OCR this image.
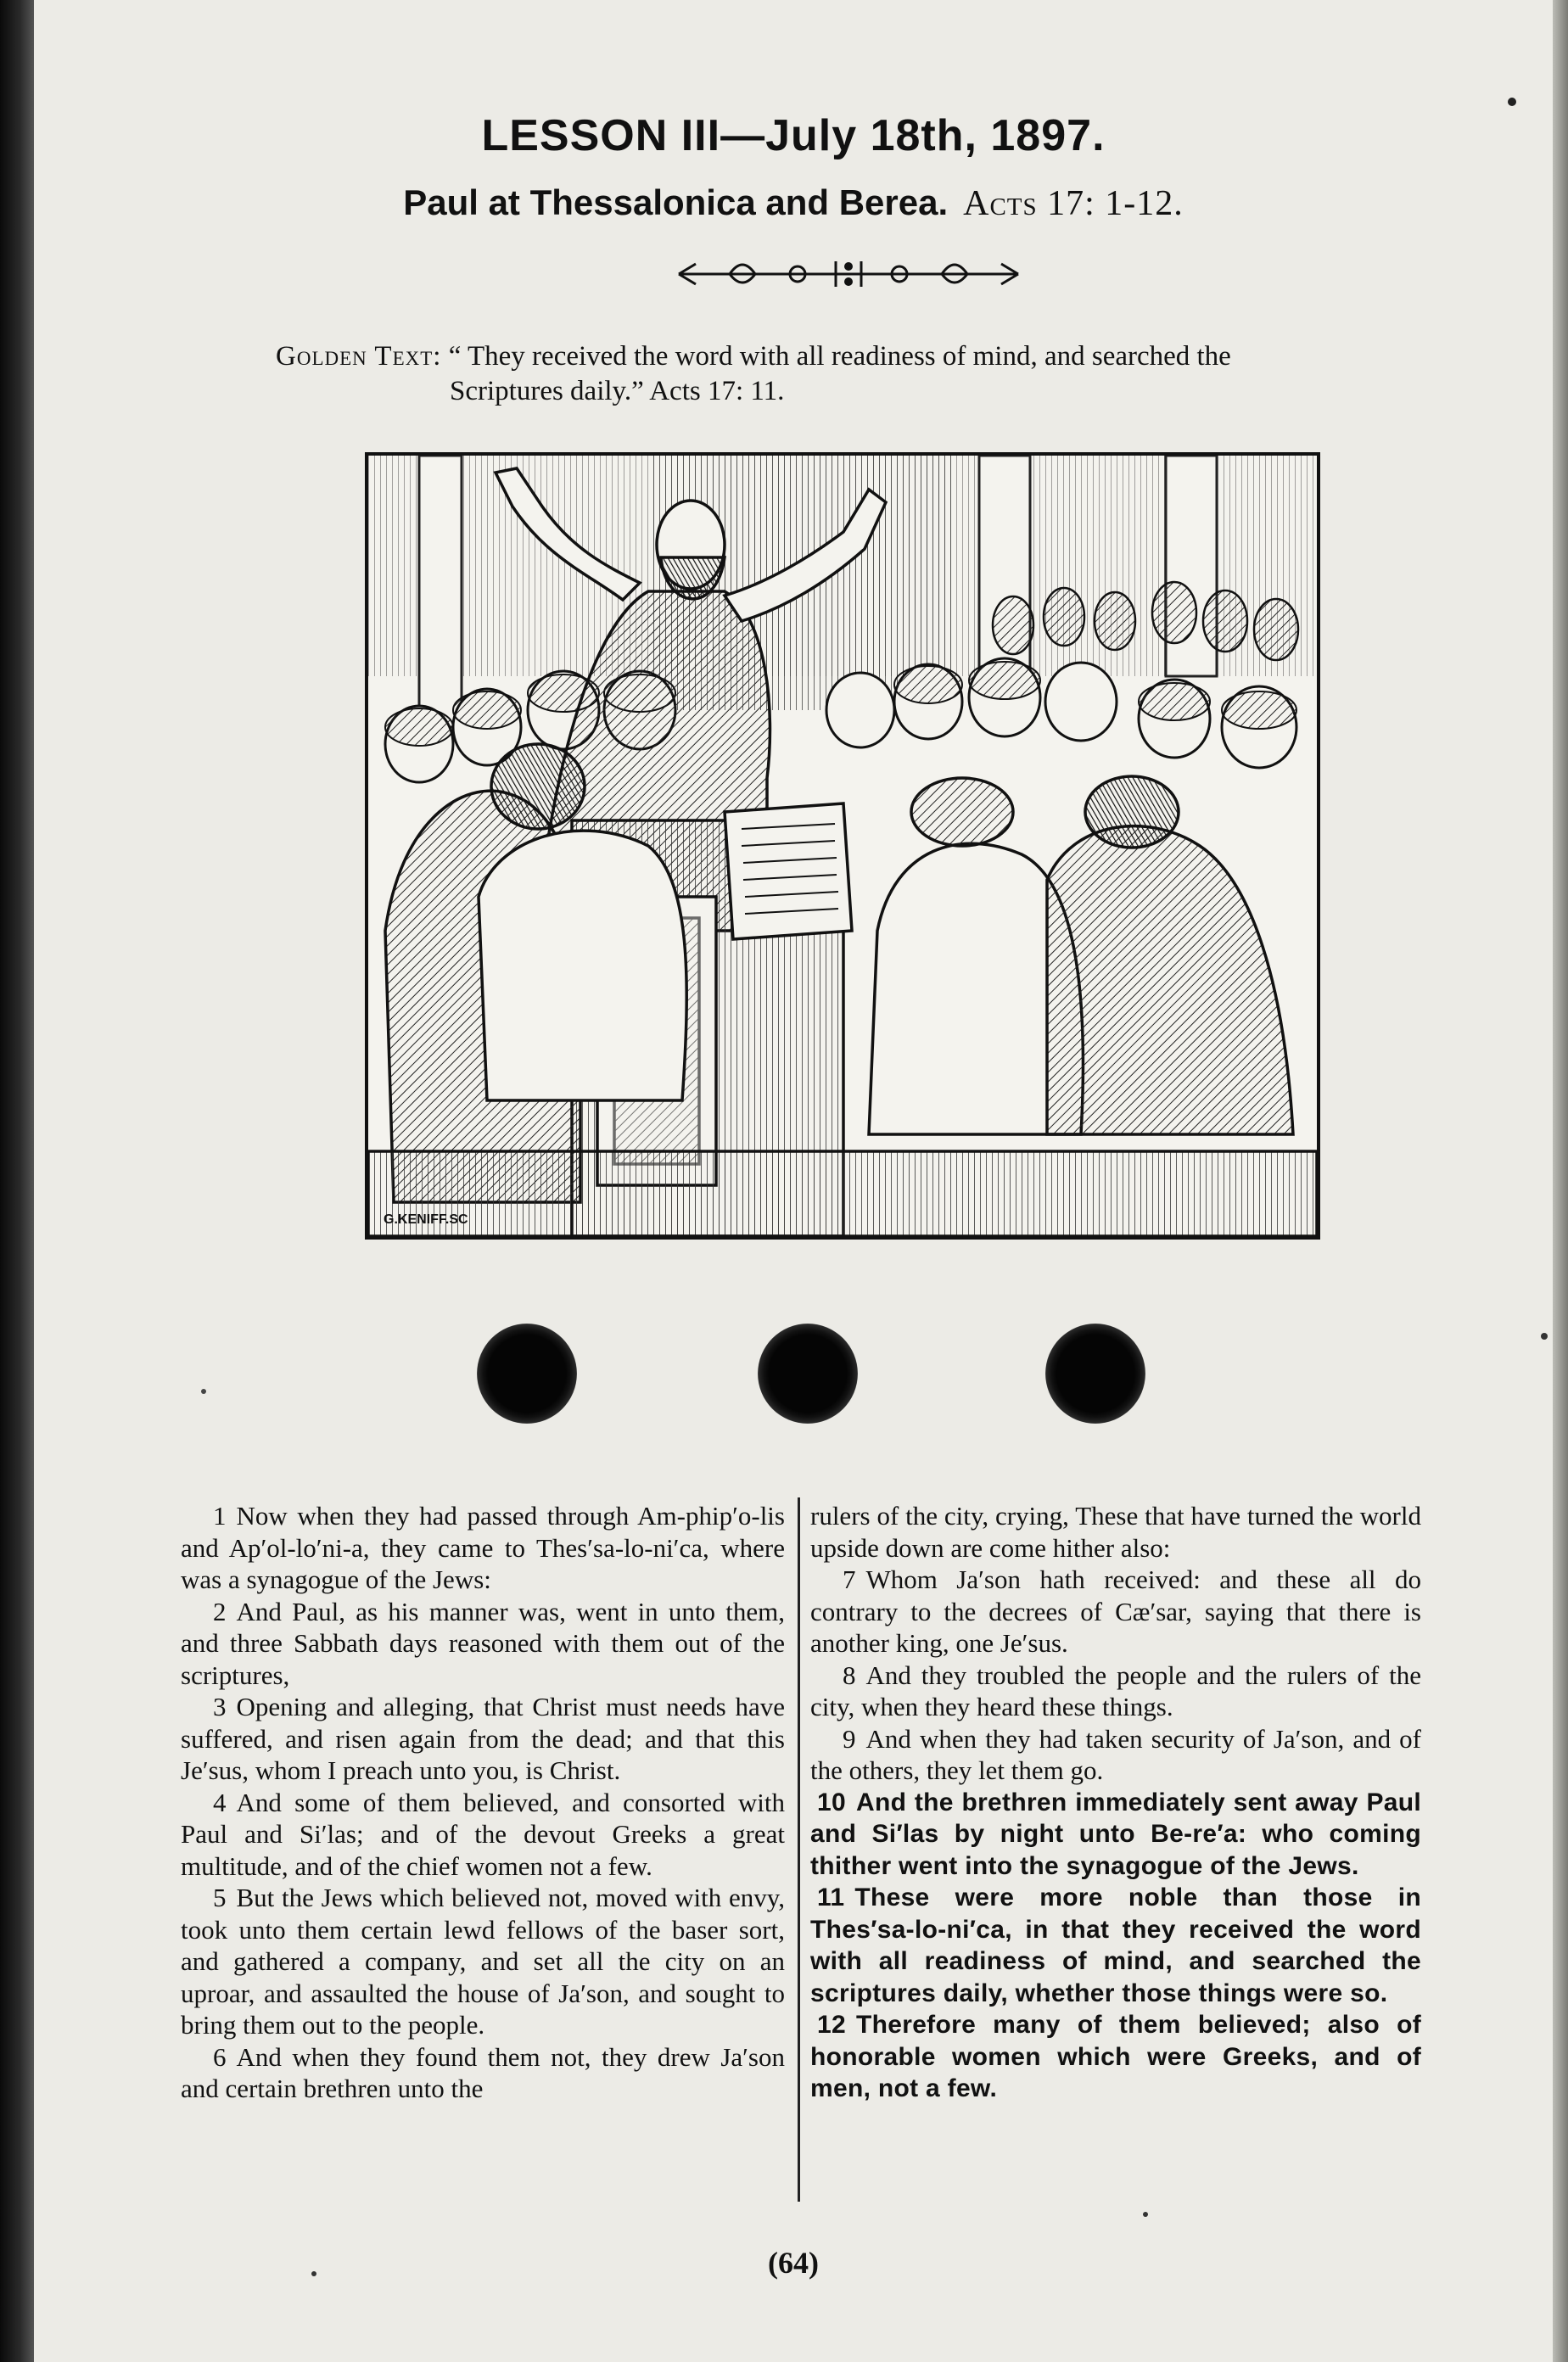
LESSON III—July 18th, 1897.
Paul at Thessalonica and Berea. Acts 17: 1-12.
Golden Text: “ They received the word with all readiness of mind, and searched the
Scriptures daily.” Acts 17: 11.
G.KENIFF.SC

1 Now when they had passed through Am-phip′o-lis and Ap′ol-lo′ni-a, they came to Thes′sa-lo-ni′ca, where was a synagogue of the Jews:

2 And Paul, as his manner was, went in unto them, and three Sabbath days reasoned with them out of the scriptures,

3 Opening and alleging, that Christ must needs have suffered, and risen again from the dead; and that this Je′sus, whom I preach unto you, is Christ.

4 And some of them believed, and consorted with Paul and Si′las; and of the devout Greeks a great multitude, and of the chief women not a few.

5 But the Jews which believed not, moved with envy, took unto them certain lewd fellows of the baser sort, and gathered a company, and set all the city on an uproar, and assaulted the house of Ja′son, and sought to bring them out to the people.

6 And when they found them not, they drew Ja′son and certain brethren unto the

rulers of the city, crying, These that have turned the world upside down are come hither also:

7 Whom Ja′son hath received: and these all do contrary to the decrees of Cæ′sar, saying that there is another king, one Je′sus.

8 And they troubled the people and the rulers of the city, when they heard these things.

9 And when they had taken security of Ja′son, and of the others, they let them go.

10 And the brethren immediately sent away Paul and Si′las by night unto Be-re′a: who coming thither went into the synagogue of the Jews.

11 These were more noble than those in Thes′sa-lo-ni′ca, in that they received the word with all readiness of mind, and searched the scriptures daily, whether those things were so.

12 Therefore many of them believed; also of honorable women which were Greeks, and of men, not a few.

(64)
